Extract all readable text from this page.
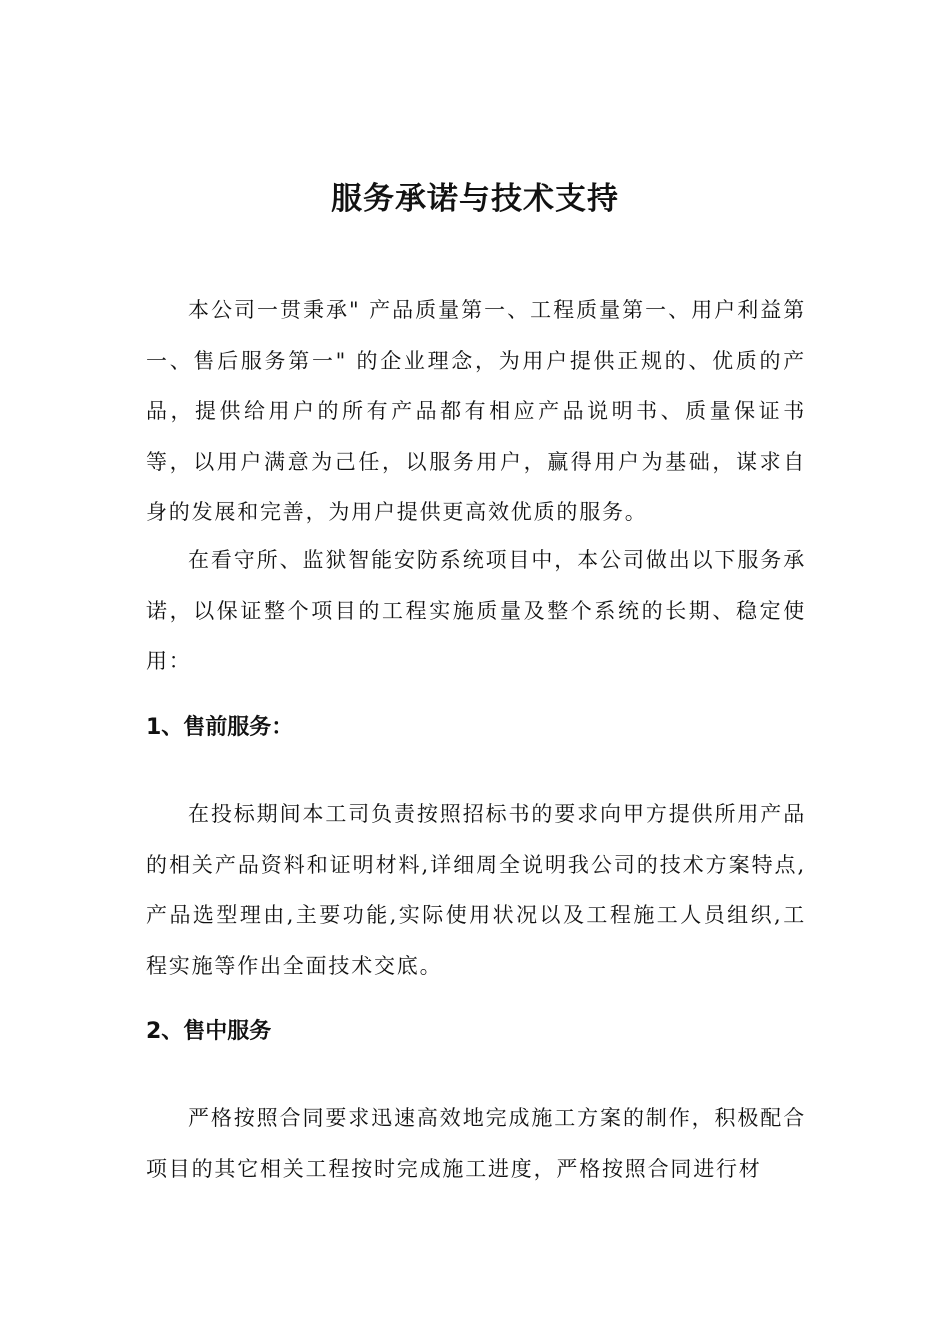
服务承诺与技术支持

本公司一贯秉承" 产品质量第一、工程质量第一、用户利益第一、售后服务第一" 的企业理念，为用户提供正规的、优质的产品，提供给用户的所有产品都有相应产品说明书、质量保证书等，以用户满意为己任，以服务用户，赢得用户为基础，谋求自身的发展和完善，为用户提供更高效优质的服务。

在看守所、监狱智能安防系统项目中，本公司做出以下服务承诺，以保证整个项目的工程实施质量及整个系统的长期、稳定使用：

1、售前服务：

在投标期间本工司负责按照招标书的要求向甲方提供所用产品的相关产品资料和证明材料,详细周全说明我公司的技术方案特点,产品选型理由,主要功能,实际使用状况以及工程施工人员组织,工程实施等作出全面技术交底。

2、售中服务

严格按照合同要求迅速高效地完成施工方案的制作，积极配合项目的其它相关工程按时完成施工进度，严格按照合同进行材
